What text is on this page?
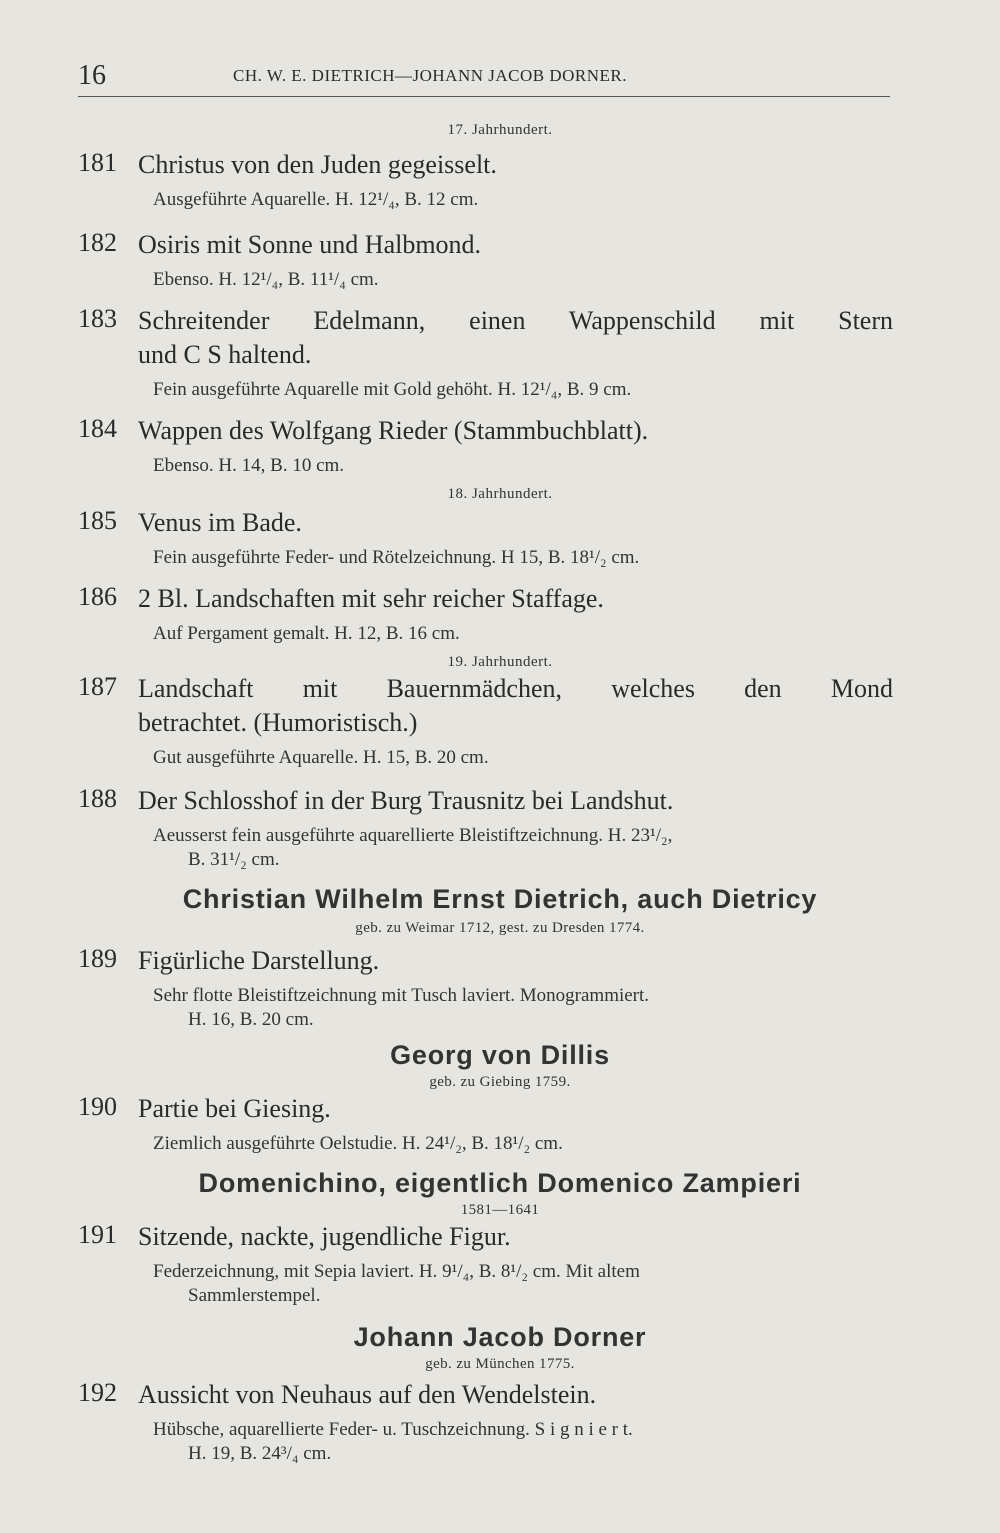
16	CH. W. E. DIETRICH—JOHANN JACOB DORNER.
17. Jahrhundert.
181 Christus von den Juden gegeisselt.
Ausgeführte Aquarelle. H. 12¹/₄, B. 12 cm.
182 Osiris mit Sonne und Halbmond.
Ebenso. H. 12¹/₄, B. 11¹/₄ cm.
183 Schreitender Edelmann, einen Wappenschild mit Stern
und C S haltend.
Fein ausgeführte Aquarelle mit Gold gehöht. H. 12¹/₄, B. 9 cm.
184 Wappen des Wolfgang Rieder (Stammbuchblatt).
Ebenso. H. 14, B. 10 cm.
18. Jahrhundert.
185 Venus im Bade.
Fein ausgeführte Feder- und Rötelzeichnung. H 15, B. 18¹/₂ cm.
186 2 Bl. Landschaften mit sehr reicher Staffage.
Auf Pergament gemalt. H. 12, B. 16 cm.
19. Jahrhundert.
187 Landschaft mit Bauernmädchen, welches den Mond
betrachtet. (Humoristisch.)
Gut ausgeführte Aquarelle. H. 15, B. 20 cm.
188 Der Schlosshof in der Burg Trausnitz bei Landshut.
Aeusserst fein ausgeführte aquarellierte Bleistiftzeichnung. H. 23¹/₂,
B. 31¹/₂ cm.
Christian Wilhelm Ernst Dietrich, auch Dietricy
geb. zu Weimar 1712, gest. zu Dresden 1774.
189 Figürliche Darstellung.
Sehr flotte Bleistiftzeichnung mit Tusch laviert. Monogrammiert.
H. 16, B. 20 cm.
Georg von Dillis
geb. zu Giebing 1759.
190 Partie bei Giesing.
Ziemlich ausgeführte Oelstudie. H. 24¹/₂, B. 18¹/₂ cm.
Domenichino, eigentlich Domenico Zampieri
1581—1641
191 Sitzende, nackte, jugendliche Figur.
Federzeichnung, mit Sepia laviert. H. 9¹/₄, B. 8¹/₂ cm. Mit altem
Sammlerstempel.
Johann Jacob Dorner
geb. zu München 1775.
192 Aussicht von Neuhaus auf den Wendelstein.
Hübsche, aquarellierte Feder- u. Tuschzeichnung. S i g n i e r t.
H. 19, B. 24³/₄ cm.
